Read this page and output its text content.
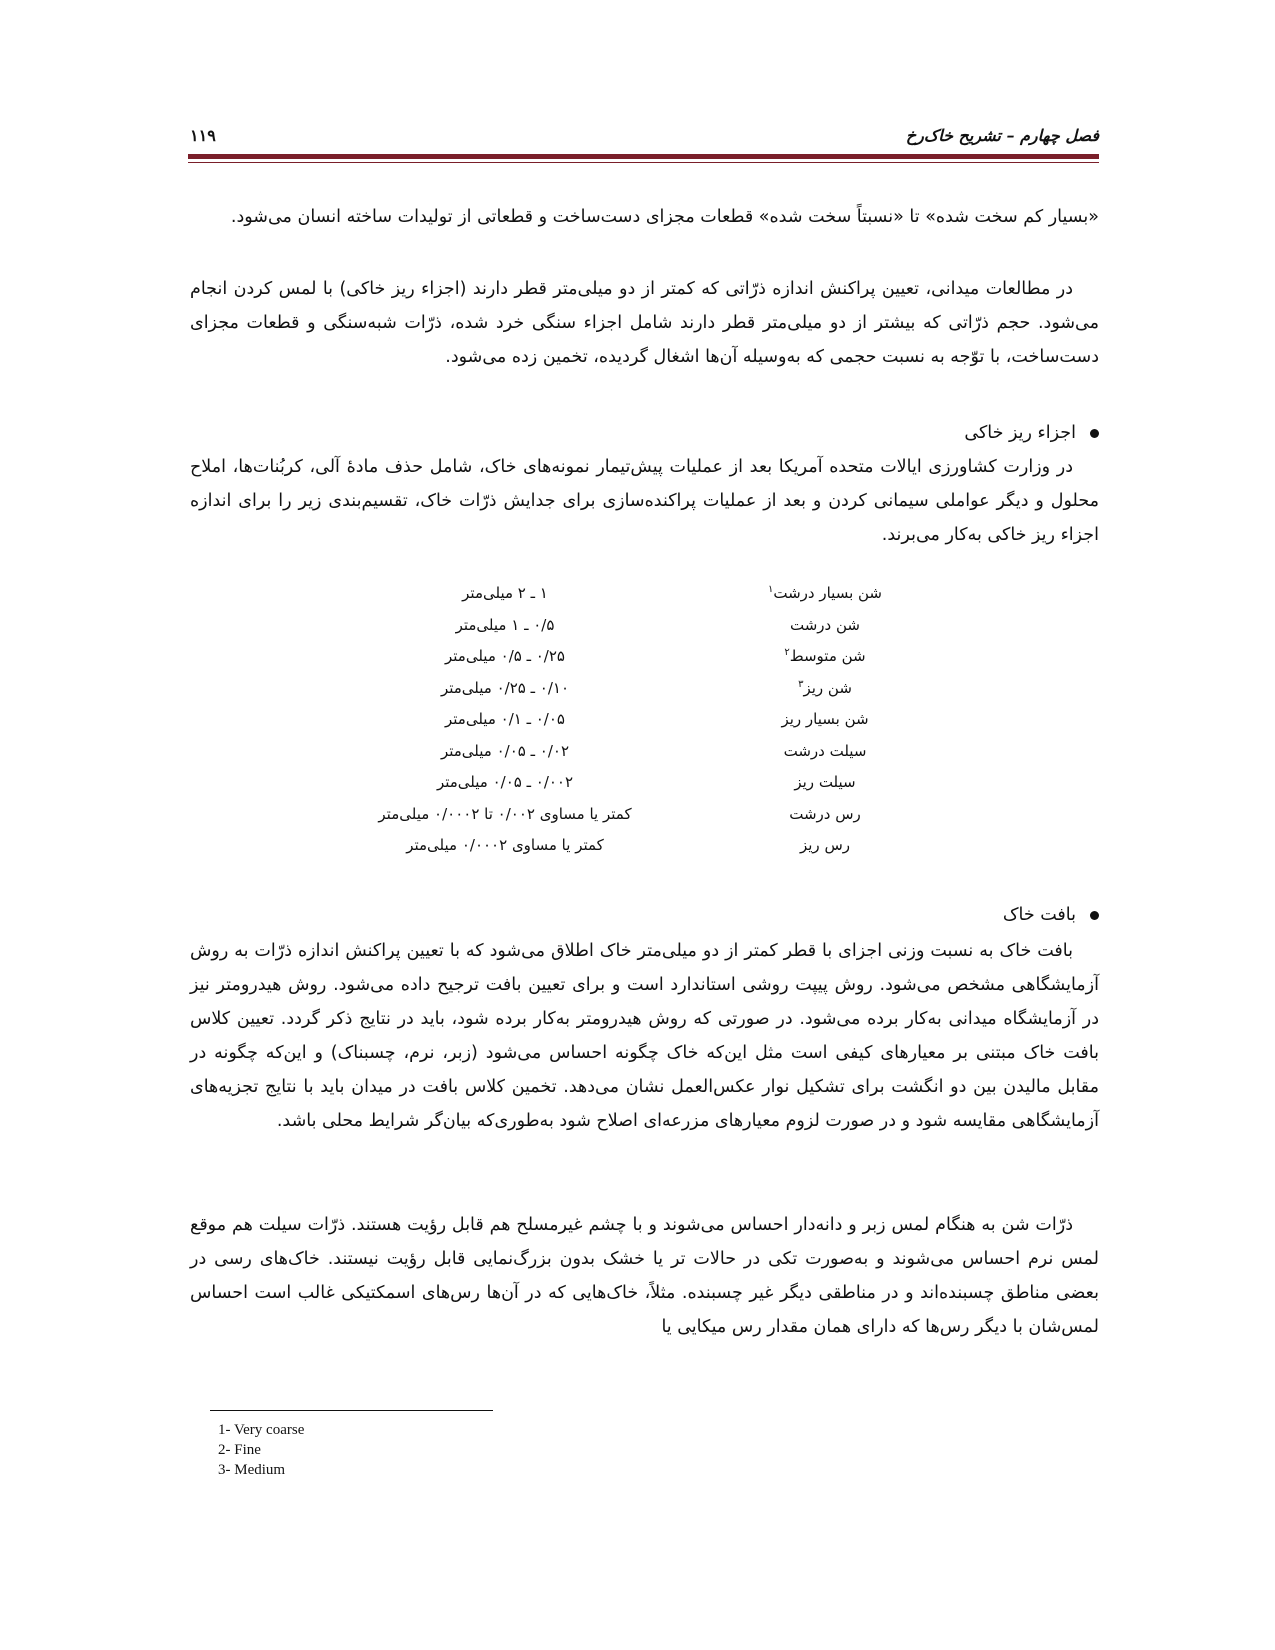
فصل چهارم – تشریح خاک‌رخ
۱۱۹

«بسیار کم سخت شده» تا «نسبتاً سخت شده» قطعات مجزای دست‌ساخت و قطعاتی از تولیدات ساخته انسان می‌شود.

در مطالعات میدانی، تعیین پراکنش اندازه ذرّاتی که کمتر از دو میلی‌متر قطر دارند (اجزاء ریز خاکی) با لمس کردن انجام می‌شود. حجم ذرّاتی که بیشتر از دو میلی‌متر قطر دارند شامل اجزاء سنگی خرد شده، ذرّات شبه‌سنگی و قطعات مجزای دست‌ساخت، با توّجه به نسبت حجمی که به‌وسیله آن‌ها اشغال گردیده، تخمین زده می‌شود.

اجزاء ریز خاکی

در وزارت کشاورزی ایالات متحده آمریکا بعد از عملیات پیش‌تیمار نمونه‌های خاک، شامل حذف مادهٔ آلی، کربُنات‌ها، املاح محلول و دیگر عواملی سیمانی کردن و بعد از عملیات پراکنده‌سازی برای جدایش ذرّات خاک، تقسیم‌بندی زیر را برای اندازه اجزاء ریز خاکی به‌کار می‌برند.

شن بسیار درشت$^۱$
۱ ـ ۲ میلی‌متر
شن درشت
۰/۵ ـ ۱ میلی‌متر
شن متوسط$^۲$
۰/۲۵ ـ ۰/۵ میلی‌متر
شن ریز$^۳$
۰/۱۰ ـ ۰/۲۵ میلی‌متر
شن بسیار ریز
۰/۰۵ ـ ۰/۱ میلی‌متر
سیلت درشت
۰/۰۲ ـ ۰/۰۵ میلی‌متر
سیلت ریز
۰/۰۰۲ ـ ۰/۰۵ میلی‌متر
رس درشت
کمتر یا مساوی ۰/۰۰۲ تا ۰/۰۰۰۲ میلی‌متر
رس ریز
کمتر یا مساوی ۰/۰۰۰۲ میلی‌متر
بافت خاک

بافت خاک به نسبت وزنی اجزای با قطر کمتر از دو میلی‌متر خاک اطلاق می‌شود که با تعیین پراکنش اندازه ذرّات به روش آزمایشگاهی مشخص می‌شود. روش پیپت روشی استاندارد است و برای تعیین بافت ترجیح داده می‌شود. روش هیدرومتر نیز در آزمایشگاه میدانی به‌کار برده می‌شود. در صورتی که روش هیدرومتر به‌کار برده شود، باید در نتایج ذکر گردد. تعیین کلاس بافت خاک مبتنی بر معیارهای کیفی است مثل این‌که خاک چگونه احساس می‌شود (زبر، نرم، چسبناک) و این‌که چگونه در مقابل مالیدن بین دو انگشت برای تشکیل نوار عکس‌العمل نشان می‌دهد. تخمین کلاس بافت در میدان باید با نتایج تجزیه‌های آزمایشگاهی مقایسه شود و در صورت لزوم معیارهای مزرعه‌ای اصلاح شود به‌طوری‌که بیان‌گر شرایط محلی باشد.

ذرّات شن به هنگام لمس زبر و دانه‌دار احساس می‌شوند و با چشم غیرمسلح هم قابل رؤیت هستند. ذرّات سیلت هم موقع لمس نرم احساس می‌شوند و به‌صورت تکی در حالات تر یا خشک بدون بزرگ‌نمایی قابل رؤیت نیستند. خاک‌های رسی در بعضی مناطق چسبنده‌اند و در مناطقی دیگر غیر چسبنده. مثلاً، خاک‌هایی که در آن‌ها رس‌های اسمکتیکی غالب است احساس لمس‌شان با دیگر رس‌ها که دارای همان مقدار رس میکایی یا

1- Very coarse
2- Fine
3- Medium
